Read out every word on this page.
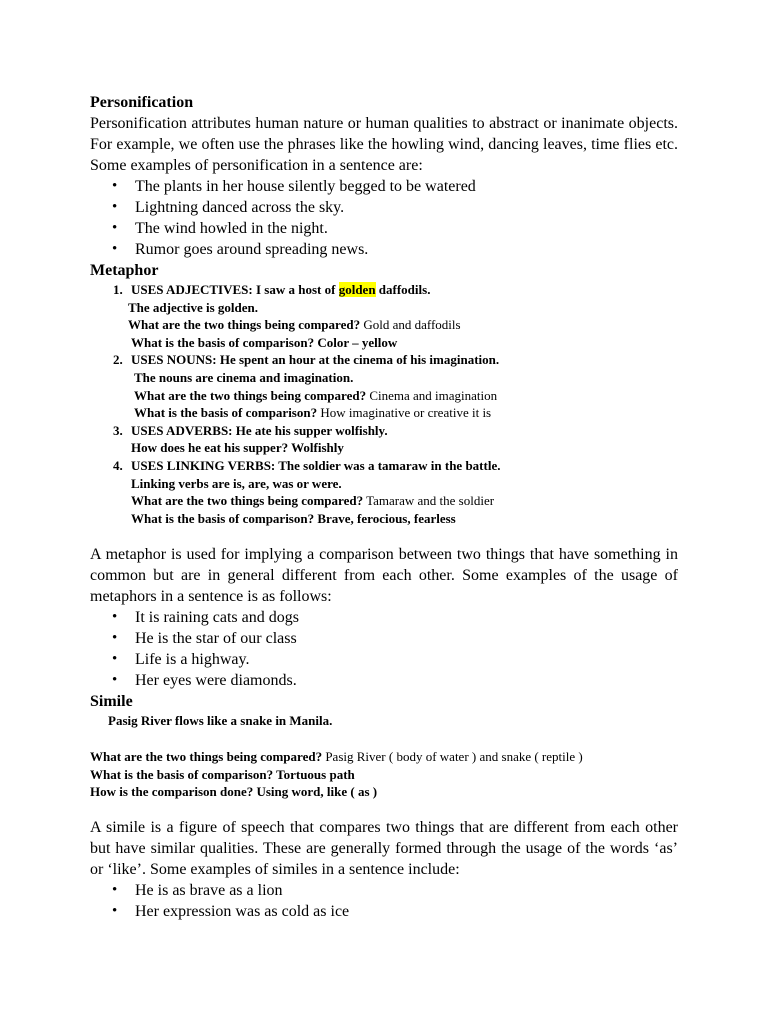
Personification
Personification attributes human nature or human qualities to abstract or inanimate objects. For example, we often use the phrases like the howling wind, dancing leaves, time flies etc. Some examples of personification in a sentence are:
• The plants in her house silently begged to be watered
• Lightning danced across the sky.
• The wind howled in the night.
• Rumor goes around spreading news.
Metaphor
1. USES ADJECTIVES: I saw a host of golden daffodils.
The adjective is golden.
What are the two things being compared? Gold and daffodils
What is the basis of comparison? Color – yellow
2. USES NOUNS: He spent an hour at the cinema of his imagination.
The nouns are cinema and imagination.
What are the two things being compared? Cinema and imagination
What is the basis of comparison? How imaginative or creative it is
3. USES ADVERBS: He ate his supper wolfishly.
How does he eat his supper? Wolfishly
4. USES LINKING VERBS: The soldier was a tamaraw in the battle.
Linking verbs are is, are, was or were.
What are the two things being compared? Tamaraw and the soldier
What is the basis of comparison? Brave, ferocious, fearless
A metaphor is used for implying a comparison between two things that have something in common but are in general different from each other. Some examples of the usage of metaphors in a sentence is as follows:
• It is raining cats and dogs
• He is the star of our class
• Life is a highway.
• Her eyes were diamonds.
Simile
Pasig River flows like a snake in Manila.
What are the two things being compared? Pasig River ( body of water ) and snake ( reptile )
What is the basis of comparison? Tortuous path
How is the comparison done? Using word, like ( as )
A simile is a figure of speech that compares two things that are different from each other but have similar qualities. These are generally formed through the usage of the words ‘as’ or ‘like’. Some examples of similes in a sentence include:
• He is as brave as a lion
• Her expression was as cold as ice
